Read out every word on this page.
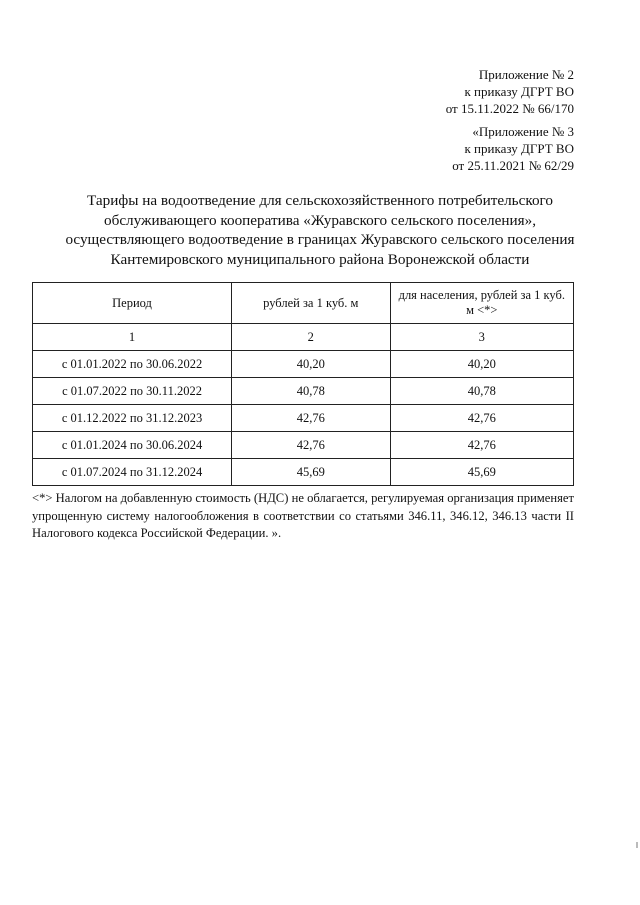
Приложение № 2
к приказу ДГРТ ВО
от 15.11.2022 № 66/170
«Приложение № 3
к приказу ДГРТ ВО
от 25.11.2021 № 62/29
Тарифы на водоотведение для сельскохозяйственного потребительского
обслуживающего кооператива «Журавского сельского поселения»,
осуществляющего водоотведение в границах Журавского сельского поселения
Кантемировского муниципального района Воронежской области
Период	рублей за 1 куб. м	для населения, рублей за 1 куб. м <*>
1	2	3
с 01.01.2022 по 30.06.2022	40,20	40,20
с 01.07.2022 по 30.11.2022	40,78	40,78
с 01.12.2022 по 31.12.2023	42,76	42,76
с 01.01.2024 по 30.06.2024	42,76	42,76
с 01.07.2024 по 31.12.2024	45,69	45,69
<*> Налогом на добавленную стоимость (НДС) не облагается, регулируемая организация применяет упрощенную систему налогообложения в соответствии со статьями 346.11, 346.12, 346.13 части II Налогового кодекса Российской Федерации. ».
